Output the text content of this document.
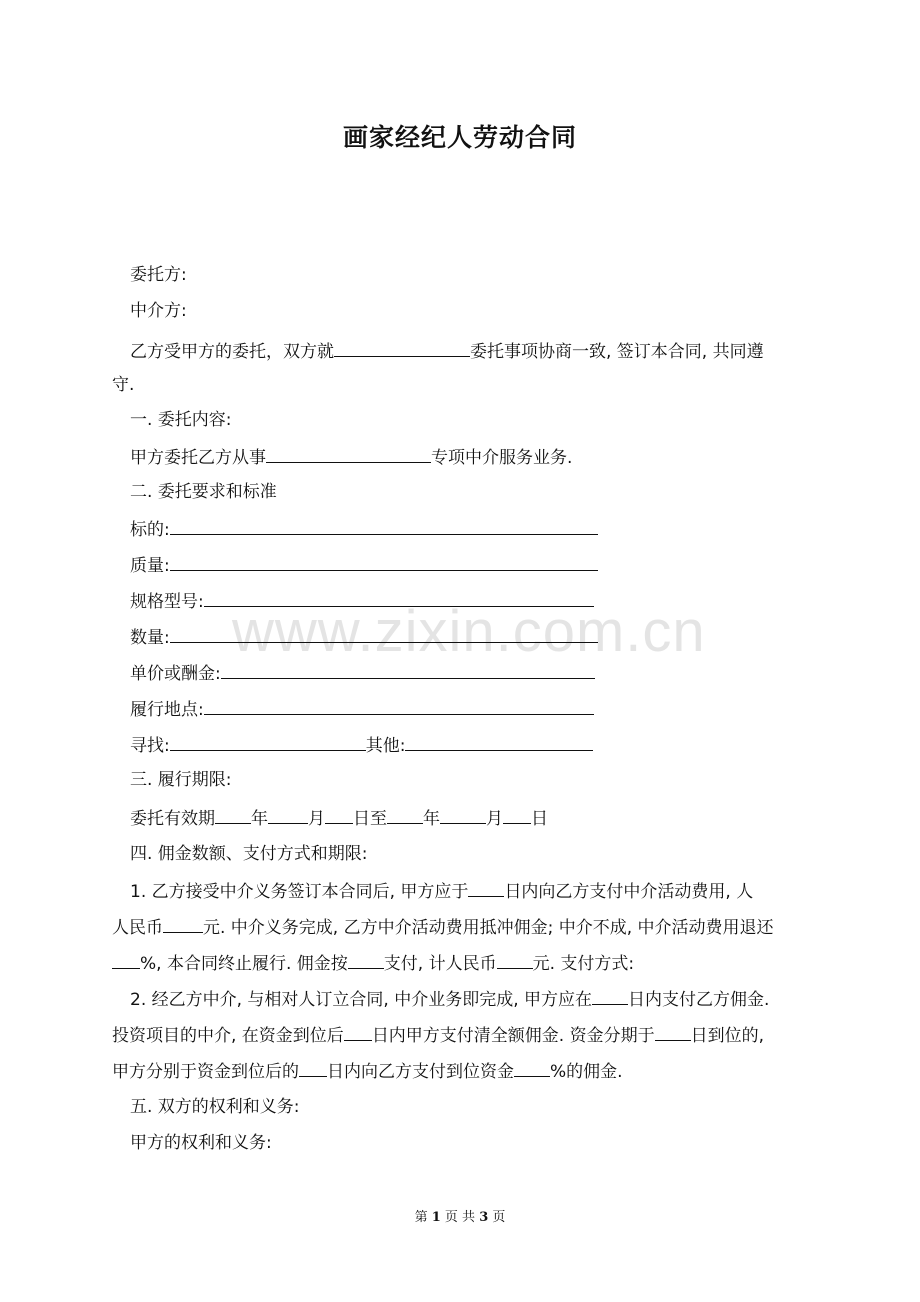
www.zixin.com.cn
画家经纪人劳动合同
委托方:
中介方:
乙方受甲方的委托，双方就	委托事项协商一致, 签订本合同, 共同遵
守.
一. 委托内容:
甲方委托乙方从事	专项中介服务业务.
二. 委托要求和标准
标的:
质量:
规格型号:
数量:
单价或酬金:
履行地点:
寻找:	其他:
三. 履行期限:
委托有效期 年 月 日至 年	月 日
四. 佣金数额、支付方式和期限:
1. 乙方接受中介义务签订本合同后, 甲方应于 日内向乙方支付中介活动费用, 人
人民币 元. 中介义务完成, 乙方中介活动费用抵冲佣金; 中介不成, 中介活动费用退还
%, 本合同终止履行. 佣金按 支付, 计人民币 元. 支付方式:
2. 经乙方中介, 与相对人订立合同, 中介业务即完成, 甲方应在 日内支付乙方佣金.
投资项目的中介, 在资金到位后 日内甲方支付清全额佣金. 资金分期于 日到位的,
甲方分别于资金到位后的 日内向乙方支付到位资金 %的佣金.
五. 双方的权利和义务:
甲方的权利和义务:
第 1 页 共 3 页
